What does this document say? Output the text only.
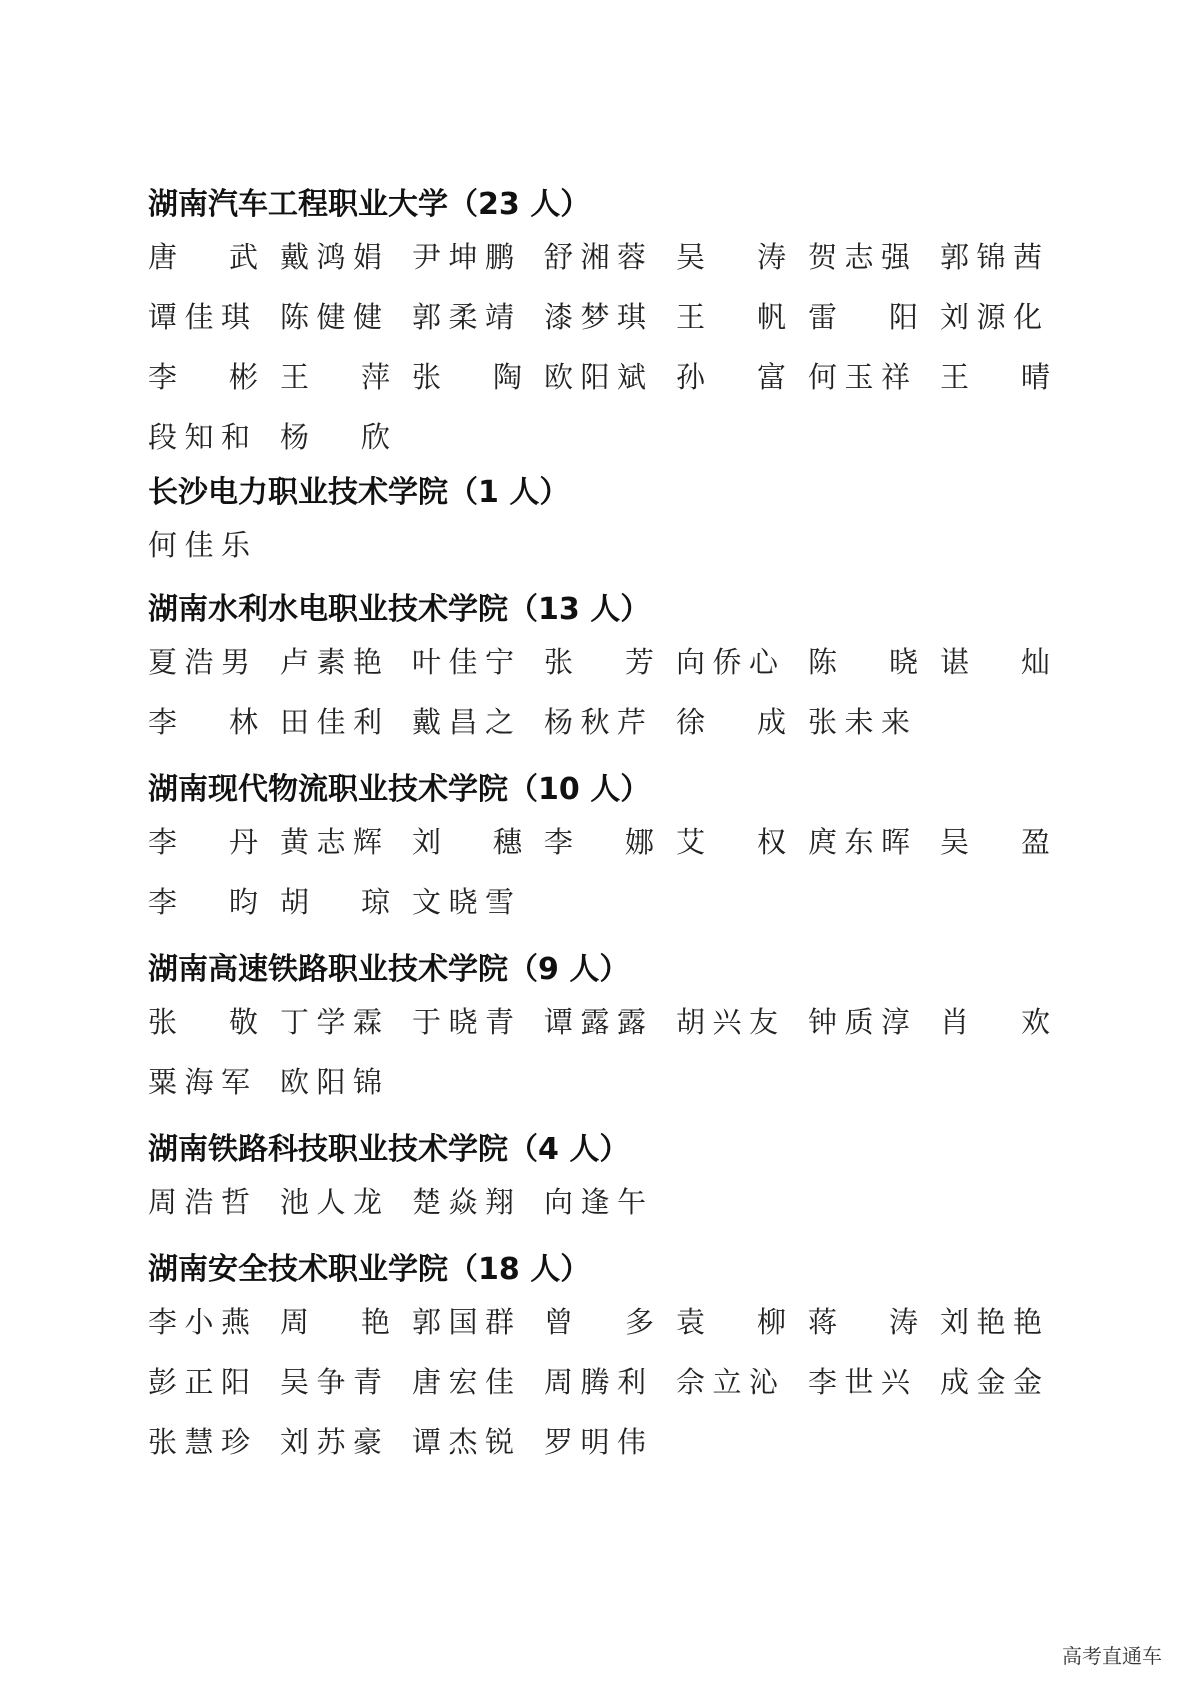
湖南汽车工程职业大学（23 人）
唐 武 戴 鸿 娟 尹 坤 鹏 舒 湘 蓉 吴 涛 贺 志 强 郭 锦 茜
谭 佳 琪 陈 健 健 郭 柔 靖 漆 梦 琪 王 帆 雷 阳 刘 源 化
李 彬 王 萍 张 陶 欧 阳 斌 孙 富 何 玉 祥 王 晴
段 知 和 杨 欣
长沙电力职业技术学院（1 人）
何 佳 乐
湖南水利水电职业技术学院（13 人）
夏 浩 男 卢 素 艳 叶 佳 宁 张 芳 向 侨 心 陈 晓 谌 灿
李 林 田 佳 利 戴 昌 之 杨 秋 芹 徐 成 张 未 来
湖南现代物流职业技术学院（10 人）
李 丹 黄 志 辉 刘 穗 李 娜 艾 权 庹 东 晖 吴 盈
李 昀 胡 琼 文 晓 雪
湖南高速铁路职业技术学院（9 人）
张 敬 丁 学 霖 于 晓 青 谭 露 露 胡 兴 友 钟 质 淳 肖 欢
粟 海 军 欧 阳 锦
湖南铁路科技职业技术学院（4 人）
周 浩 哲 池 人 龙 楚 焱 翔 向 逢 午
湖南安全技术职业学院（18 人）
李 小 燕 周 艳 郭 国 群 曾 多 袁 柳 蒋 涛 刘 艳 艳
彭 正 阳 吴 争 青 唐 宏 佳 周 腾 利 佘 立 沁 李 世 兴 成 金 金
张 慧 珍 刘 苏 豪 谭 杰 锐 罗 明 伟
高考直通车
